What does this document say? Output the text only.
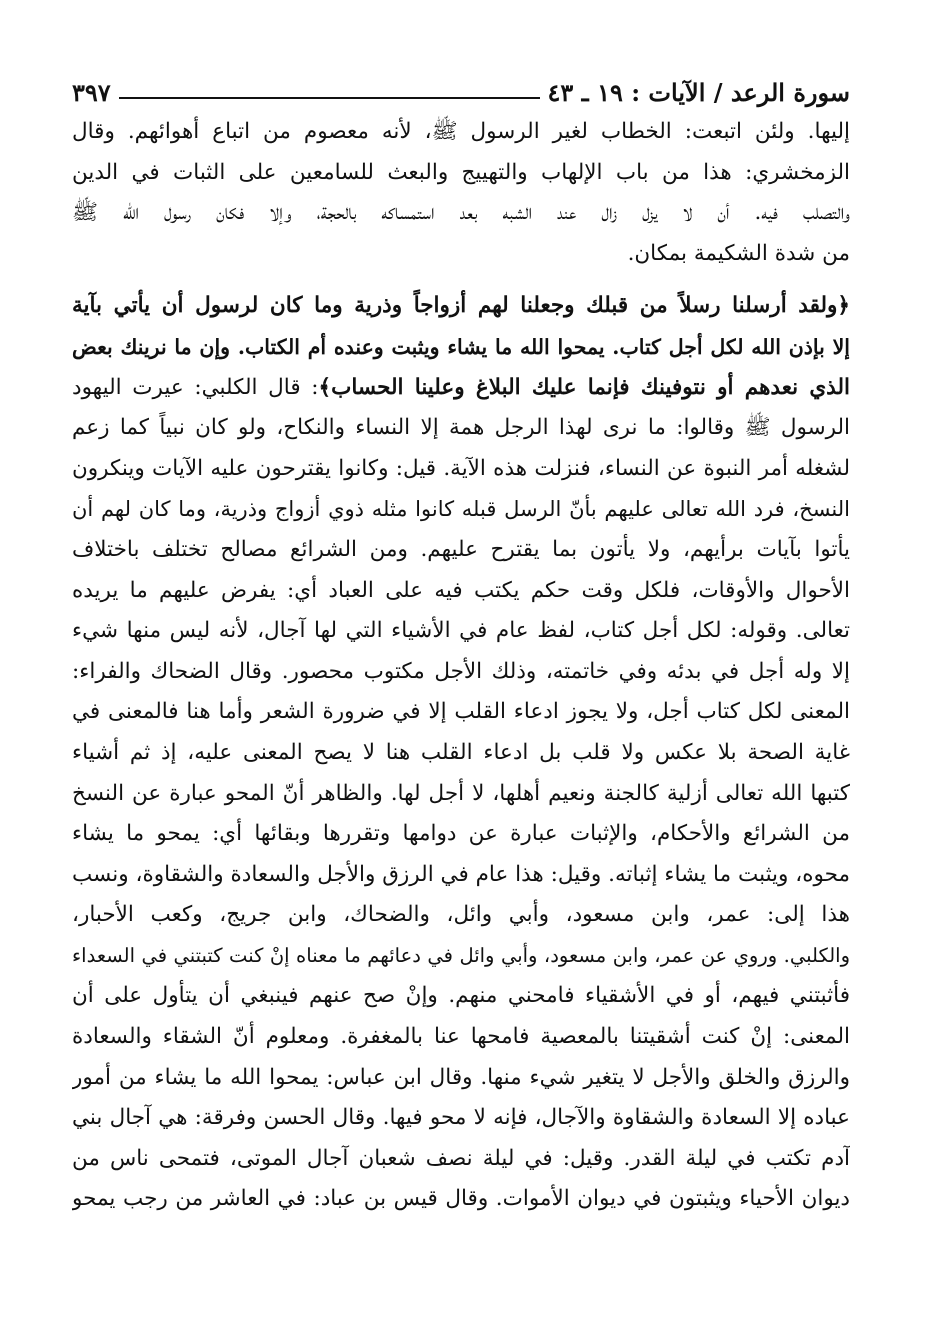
سورة الرعد / الآيات : ١٩ ـ ٤٣
٣٩٧
إليها. ولئن اتبعت: الخطاب لغير الرسول ﷺ، لأنه معصوم من اتباع أهوائهم. وقال
الزمخشري: هذا من باب الإلهاب والتهييج والبعث للسامعين على الثبات في الدين
والتصلب فيه. أن لا يزل زال عند الشبه بعد استمساكه بالحجة، وإلا فكان رسول الله ﷺ
من شدة الشكيمة بمكان.
﴿ولقد أرسلنا رسلاً من قبلك وجعلنا لهم أزواجاً وذرية وما كان لرسول أن يأتي بآية
إلا بإذن الله لكل أجل كتاب. يمحوا الله ما يشاء ويثبت وعنده أم الكتاب. وإن ما نرينك بعض
الذي نعدهم أو نتوفينك فإنما عليك البلاغ وعلينا الحساب﴾: قال الكلبي: عيرت اليهود
الرسول ﷺ وقالوا: ما نرى لهذا الرجل همة إلا النساء والنكاح، ولو كان نبياً كما زعم
لشغله أمر النبوة عن النساء، فنزلت هذه الآية. قيل: وكانوا يقترحون عليه الآيات وينكرون
النسخ، فرد الله تعالى عليهم بأنّ الرسل قبله كانوا مثله ذوي أزواج وذرية، وما كان لهم أن
يأتوا بآيات برأيهم، ولا يأتون بما يقترح عليهم. ومن الشرائع مصالح تختلف باختلاف
الأحوال والأوقات، فلكل وقت حكم يكتب فيه على العباد أي: يفرض عليهم ما يريده
تعالى. وقوله: لكل أجل كتاب، لفظ عام في الأشياء التي لها آجال، لأنه ليس منها شيء
إلا وله أجل في بدئه وفي خاتمته، وذلك الأجل مكتوب محصور. وقال الضحاك والفراء:
المعنى لكل كتاب أجل، ولا يجوز ادعاء القلب إلا في ضرورة الشعر وأما هنا فالمعنى في
غاية الصحة بلا عكس ولا قلب بل ادعاء القلب هنا لا يصح المعنى عليه، إذ ثم أشياء
كتبها الله تعالى أزلية كالجنة ونعيم أهلها، لا أجل لها. والظاهر أنّ المحو عبارة عن النسخ
من الشرائع والأحكام، والإثبات عبارة عن دوامها وتقررها وبقائها أي: يمحو ما يشاء
محوه، ويثبت ما يشاء إثباته. وقيل: هذا عام في الرزق والأجل والسعادة والشقاوة، ونسب
هذا إلى: عمر، وابن مسعود، وأبي وائل، والضحاك، وابن جريج، وكعب الأحبار،
والكلبي. وروي عن عمر، وابن مسعود، وأبي وائل في دعائهم ما معناه إنْ كنت كتبتني في السعداء
فأثبتني فيهم، أو في الأشقياء فامحني منهم. وإنْ صح عنهم فينبغي أن يتأول على أن
المعنى: إنْ كنت أشقيتنا بالمعصية فامحها عنا بالمغفرة. ومعلوم أنّ الشقاء والسعادة
والرزق والخلق والأجل لا يتغير شيء منها. وقال ابن عباس: يمحوا الله ما يشاء من أمور
عباده إلا السعادة والشقاوة والآجال، فإنه لا محو فيها. وقال الحسن وفرقة: هي آجال بني
آدم تكتب في ليلة القدر. وقيل: في ليلة نصف شعبان آجال الموتى، فتمحى ناس من
ديوان الأحياء ويثبتون في ديوان الأموات. وقال قيس بن عباد: في العاشر من رجب يمحو
